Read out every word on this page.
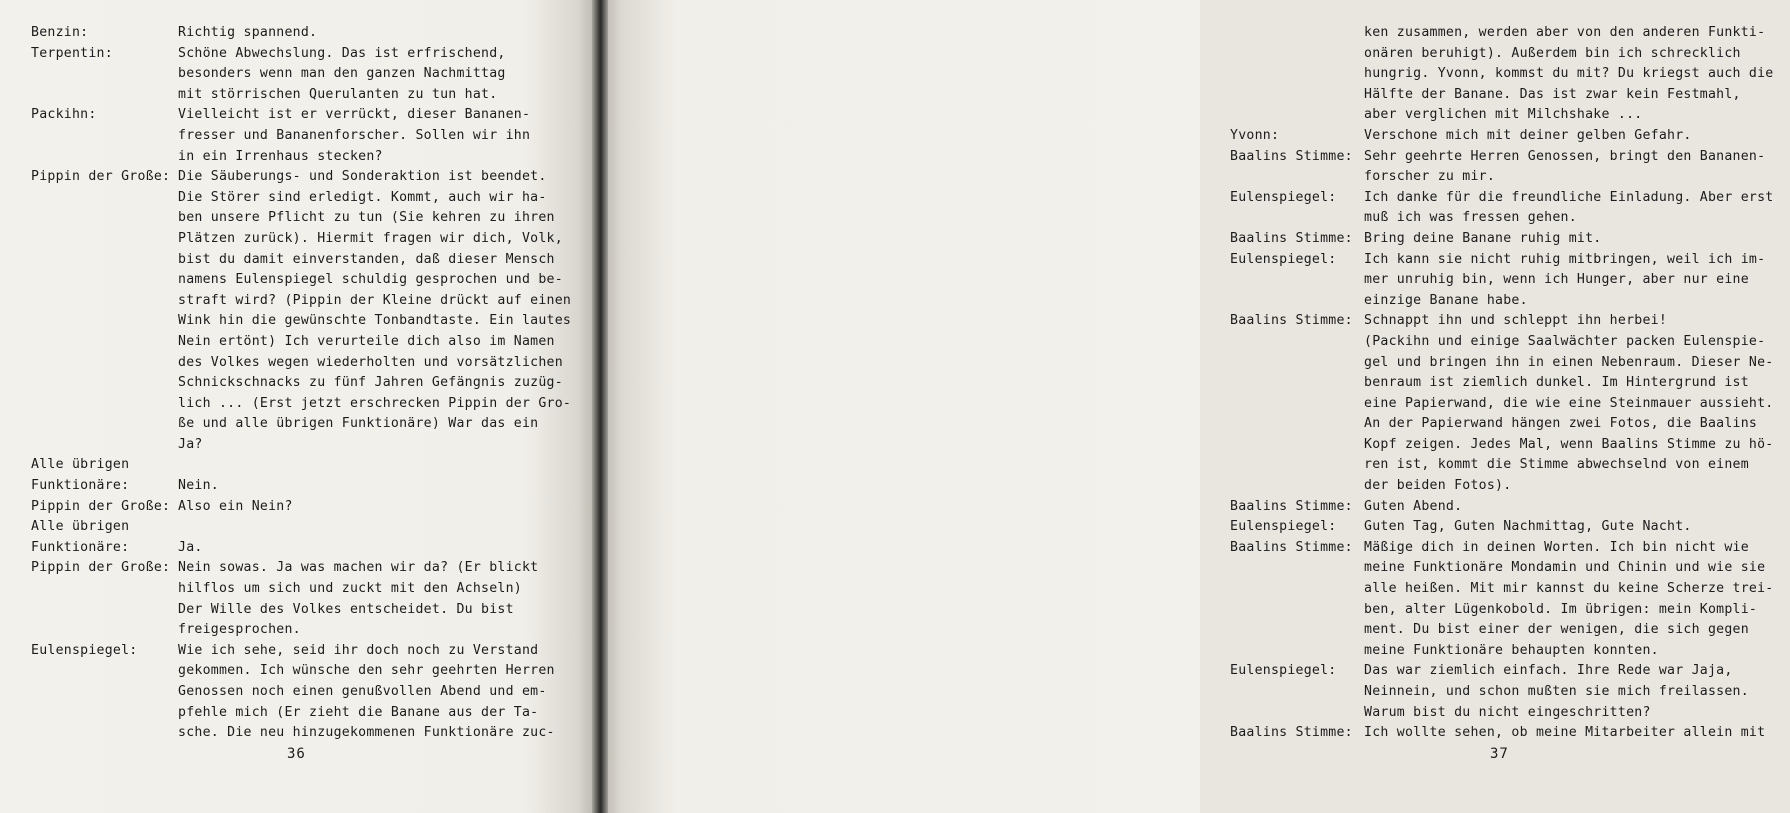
Benzin:	Richtig spannend.
Terpentin:	Schöne Abwechslung. Das ist erfrischend,
besonders wenn man den ganzen Nachmittag
mit störrischen Querulanten zu tun hat.
Packihn:	Vielleicht ist er verrückt, dieser Bananen-
fresser und Bananenforscher. Sollen wir ihn
in ein Irrenhaus stecken?
Pippin der Große: Die Säuberungs- und Sonderaktion ist beendet.
Die Störer sind erledigt. Kommt, auch wir ha-
ben unsere Pflicht zu tun (Sie kehren zu ihren
Plätzen zurück). Hiermit fragen wir dich, Volk,
bist du damit einverstanden, daß dieser Mensch
namens Eulenspiegel schuldig gesprochen und be-
straft wird? (Pippin der Kleine drückt auf einen
Wink hin die gewünschte Tonbandtaste. Ein lautes
Nein ertönt) Ich verurteile dich also im Namen
des Volkes wegen wiederholten und vorsätzlichen
Schnickschnacks zu fünf Jahren Gefängnis zuzüg-
lich ... (Erst jetzt erschrecken Pippin der Gro-
ße und alle übrigen Funktionäre) War das ein
Ja?
Alle übrigen
Funktionäre:	Nein.
Pippin der Große: Also ein Nein?
Alle übrigen
Funktionäre:	Ja.
Pippin der Große: Nein sowas. Ja was machen wir da? (Er blickt
hilflos um sich und zuckt mit den Achseln)
Der Wille des Volkes entscheidet. Du bist
freigesprochen.
Eulenspiegel:	Wie ich sehe, seid ihr doch noch zu Verstand
gekommen. Ich wünsche den sehr geehrten Herren
Genossen noch einen genußvollen Abend und em-
pfehle mich (Er zieht die Banane aus der Ta-
sche. Die neu hinzugekommenen Funktionäre zuc-
36
ken zusammen, werden aber von den anderen Funkti-
onären beruhigt). Außerdem bin ich schrecklich
hungrig. Yvonn, kommst du mit? Du kriegst auch die
Hälfte der Banane. Das ist zwar kein Festmahl,
aber verglichen mit Milchshake ...
Yvonn:	Verschone mich mit deiner gelben Gefahr.
Baalins Stimme: Sehr geehrte Herren Genossen, bringt den Bananen-
forscher zu mir.
Eulenspiegel: Ich danke für die freundliche Einladung. Aber erst
muß ich was fressen gehen.
Baalins Stimme: Bring deine Banane ruhig mit.
Eulenspiegel: Ich kann sie nicht ruhig mitbringen, weil ich im-
mer unruhig bin, wenn ich Hunger, aber nur eine
einzige Banane habe.
Baalins Stimme: Schnappt ihn und schleppt ihn herbei!
(Packihn und einige Saalwächter packen Eulenspie-
gel und bringen ihn in einen Nebenraum. Dieser Ne-
benraum ist ziemlich dunkel. Im Hintergrund ist
eine Papierwand, die wie eine Steinmauer aussieht.
An der Papierwand hängen zwei Fotos, die Baalins
Kopf zeigen. Jedes Mal, wenn Baalins Stimme zu hö-
ren ist, kommt die Stimme abwechselnd von einem
der beiden Fotos).
Baalins Stimme: Guten Abend.
Eulenspiegel: Guten Tag, Guten Nachmittag, Gute Nacht.
Baalins Stimme: Mäßige dich in deinen Worten. Ich bin nicht wie
meine Funktionäre Mondamin und Chinin und wie sie
alle heißen. Mit mir kannst du keine Scherze trei-
ben, alter Lügenkobold. Im übrigen: mein Kompli-
ment. Du bist einer der wenigen, die sich gegen
meine Funktionäre behaupten konnten.
Eulenspiegel: Das war ziemlich einfach. Ihre Rede war Jaja,
Neinnein, und schon mußten sie mich freilassen.
Warum bist du nicht eingeschritten?
Baalins Stimme: Ich wollte sehen, ob meine Mitarbeiter allein mit
37
